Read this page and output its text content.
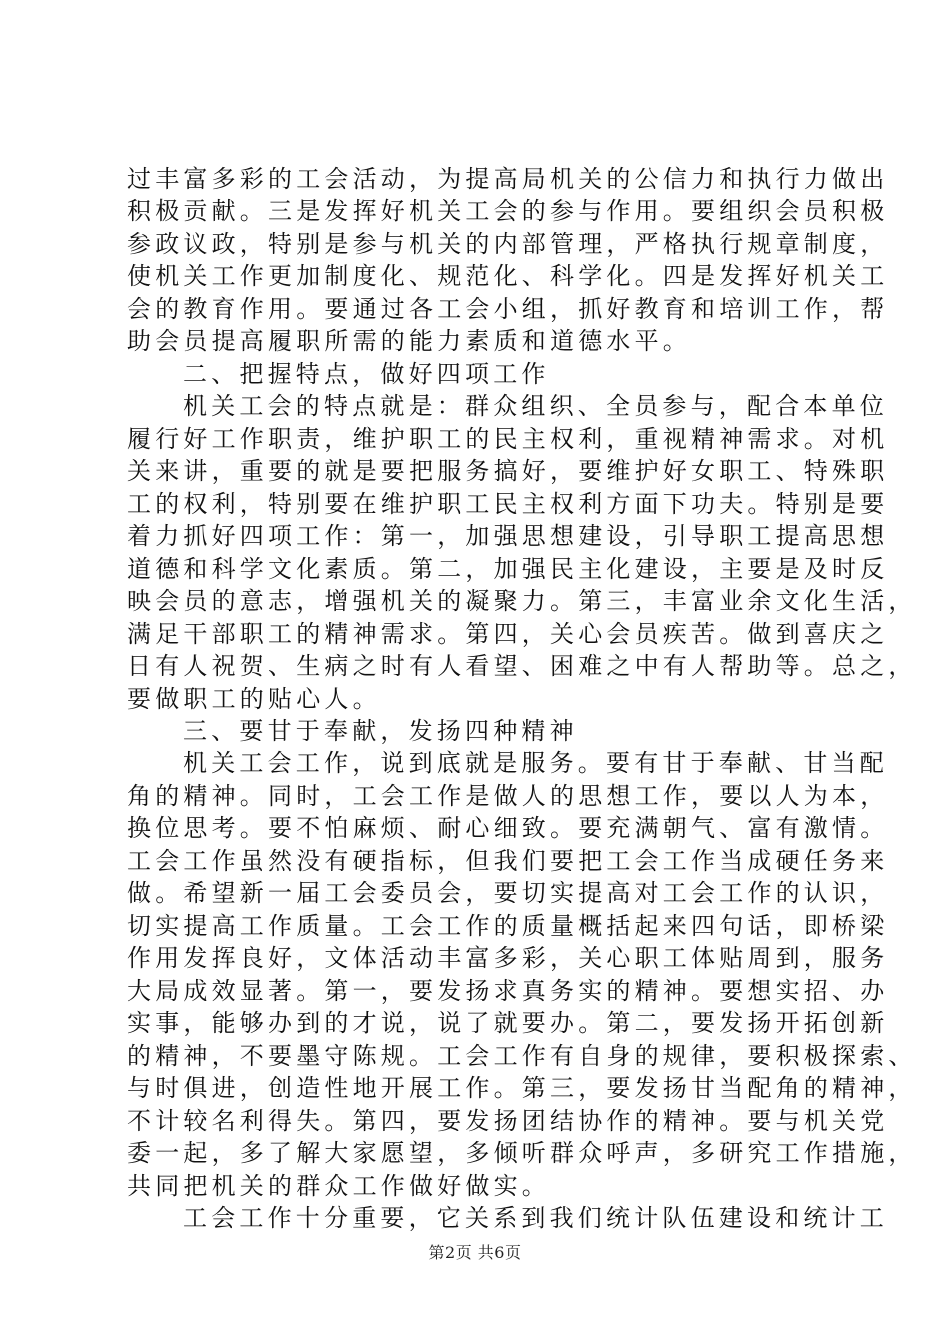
过丰富多彩的工会活动，为提高局机关的公信力和执行力做出
积极贡献。三是发挥好机关工会的参与作用。要组织会员积极
参政议政，特别是参与机关的内部管理，严格执行规章制度，
使机关工作更加制度化、规范化、科学化。四是发挥好机关工
会的教育作用。要通过各工会小组，抓好教育和培训工作，帮
助会员提高履职所需的能力素质和道德水平。
二、把握特点，做好四项工作
机关工会的特点就是：群众组织、全员参与，配合本单位
履行好工作职责，维护职工的民主权利，重视精神需求。对机
关来讲，重要的就是要把服务搞好，要维护好女职工、特殊职
工的权利，特别要在维护职工民主权利方面下功夫。特别是要
着力抓好四项工作：第一，加强思想建设，引导职工提高思想
道德和科学文化素质。第二，加强民主化建设，主要是及时反
映会员的意志，增强机关的凝聚力。第三，丰富业余文化生活，
满足干部职工的精神需求。第四，关心会员疾苦。做到喜庆之
日有人祝贺、生病之时有人看望、困难之中有人帮助等。总之，
要做职工的贴心人。
三、要甘于奉献，发扬四种精神
机关工会工作，说到底就是服务。要有甘于奉献、甘当配
角的精神。同时，工会工作是做人的思想工作，要以人为本，
换位思考。要不怕麻烦、耐心细致。要充满朝气、富有激情。
工会工作虽然没有硬指标，但我们要把工会工作当成硬任务来
做。希望新一届工会委员会，要切实提高对工会工作的认识，
切实提高工作质量。工会工作的质量概括起来四句话，即桥梁
作用发挥良好，文体活动丰富多彩，关心职工体贴周到，服务
大局成效显著。第一，要发扬求真务实的精神。要想实招、办
实事，能够办到的才说，说了就要办。第二，要发扬开拓创新
的精神，不要墨守陈规。工会工作有自身的规律，要积极探索、
与时俱进，创造性地开展工作。第三，要发扬甘当配角的精神，
不计较名利得失。第四，要发扬团结协作的精神。要与机关党
委一起，多了解大家愿望，多倾听群众呼声，多研究工作措施，
共同把机关的群众工作做好做实。
工会工作十分重要，它关系到我们统计队伍建设和统计工
第2页 共6页
